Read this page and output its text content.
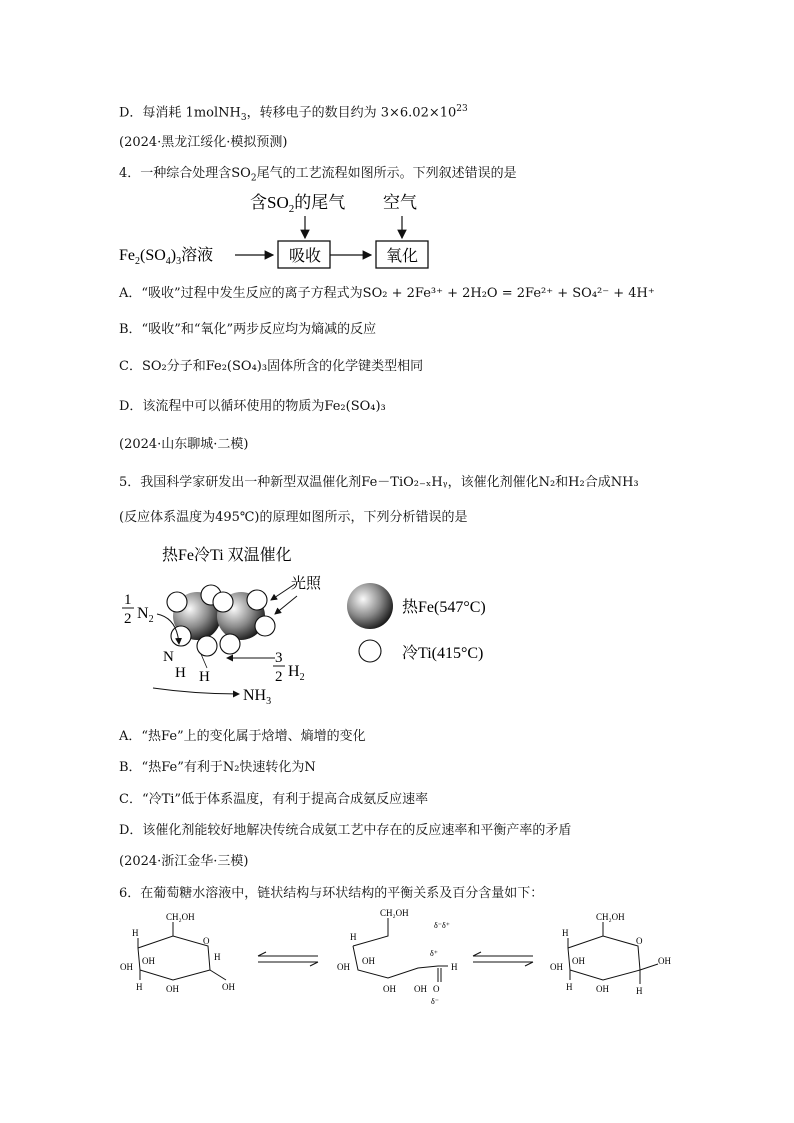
D．每消耗 1molNH$_3$，转移电子的数目约为 $3\times 6.02\times 10^{23}$
(2024·黑龙江绥化·模拟预测)
4．一种综合处理含$SO_2$尾气的工艺流程如图所示。下列叙述错误的是
含$SO_2$的尾气 空气
$Fe_2(SO_4)_3$溶液	吸收	氧化
A．“吸收”过程中发生反应的离子方程式为SO₂ + 2Fe³⁺ + 2H₂O = 2Fe²⁺ + SO₄²⁻ + 4H⁺
B．“吸收”和“氧化”两步反应均为熵减的反应
C．SO₂分子和Fe₂(SO₄)₃固体所含的化学键类型相同
D．该流程中可以循环使用的物质为Fe₂(SO₄)₃
(2024·山东聊城·二模)
5．我国科学家研发出一种新型双温催化剂Fe－TiO₂₋ₓHᵧ，该催化剂催化N₂和H₂合成NH₃
(反应体系温度为495℃)的原理如图所示，下列分析错误的是
热Fe冷Ti 双温催化
光照
1
2 $N_2$
N
H H
3
2 $H_2$
$NH_3$
热Fe(547°C)
冷Ti(415°C)
A．“热Fe”上的变化属于焓增、熵增的变化
B．“热Fe”有利于N₂快速转化为N
C．“冷Ti”低于体系温度，有利于提高合成氨反应速率
D．该催化剂能较好地解决传统合成氨工艺中存在的反应速率和平衡产率的矛盾
(2024·浙江金华·三模)
6．在葡萄糖水溶液中，链状结构与环状结构的平衡关系及百分含量如下：
CH₂OH
O
H
OH
OH
H	OH	OH
H
CH₂OH
δ⁻δ⁺
H
OH
OH
OH OH
δ⁺
H
O
δ⁻
CH₂OH
O
H
OH
OH
H	OH
OH
H
